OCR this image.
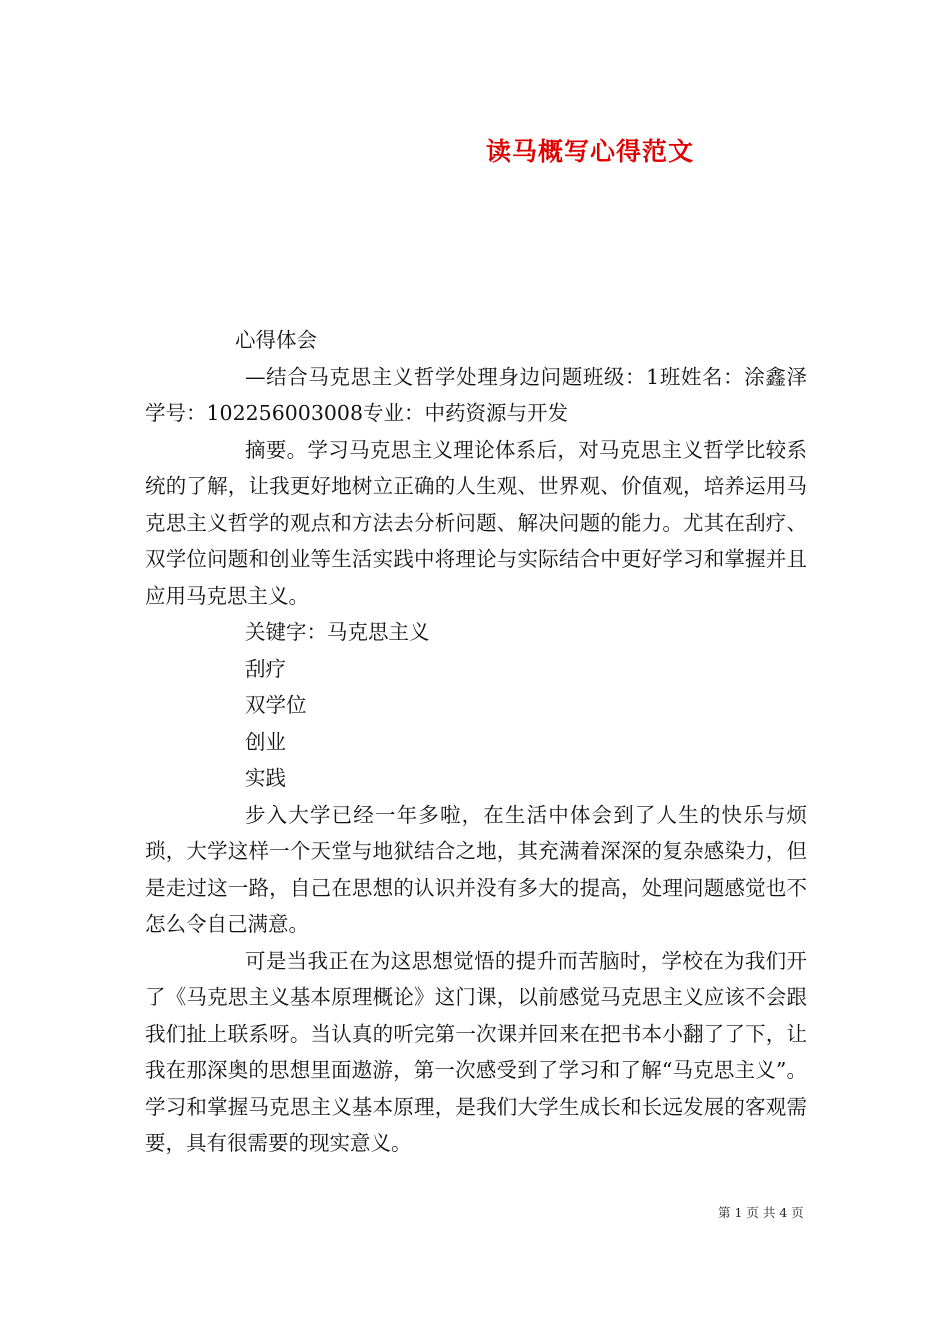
读马概写心得范文

心得体会

—结合马克思主义哲学处理身边问题班级：1班姓名：涂鑫泽学号：102256003008专业：中药资源与开发

摘要。学习马克思主义理论体系后，对马克思主义哲学比较系统的了解，让我更好地树立正确的人生观、世界观、价值观，培养运用马克思主义哲学的观点和方法去分析问题、解决问题的能力。尤其在刮疗、双学位问题和创业等生活实践中将理论与实际结合中更好学习和掌握并且应用马克思主义。

关键字：马克思主义

刮疗

双学位

创业

实践

步入大学已经一年多啦，在生活中体会到了人生的快乐与烦琐，大学这样一个天堂与地狱结合之地，其充满着深深的复杂感染力，但是走过这一路，自己在思想的认识并没有多大的提高，处理问题感觉也不怎么令自己满意。

可是当我正在为这思想觉悟的提升而苦脑时，学校在为我们开了《马克思主义基本原理概论》这门课，以前感觉马克思主义应该不会跟我们扯上联系呀。当认真的听完第一次课并回来在把书本小翻了了下，让我在那深奥的思想里面遨游，第一次感受到了学习和了解“马克思主义”。学习和掌握马克思主义基本原理，是我们大学生成长和长远发展的客观需要，具有很需要的现实意义。

第 1 页 共 4 页
